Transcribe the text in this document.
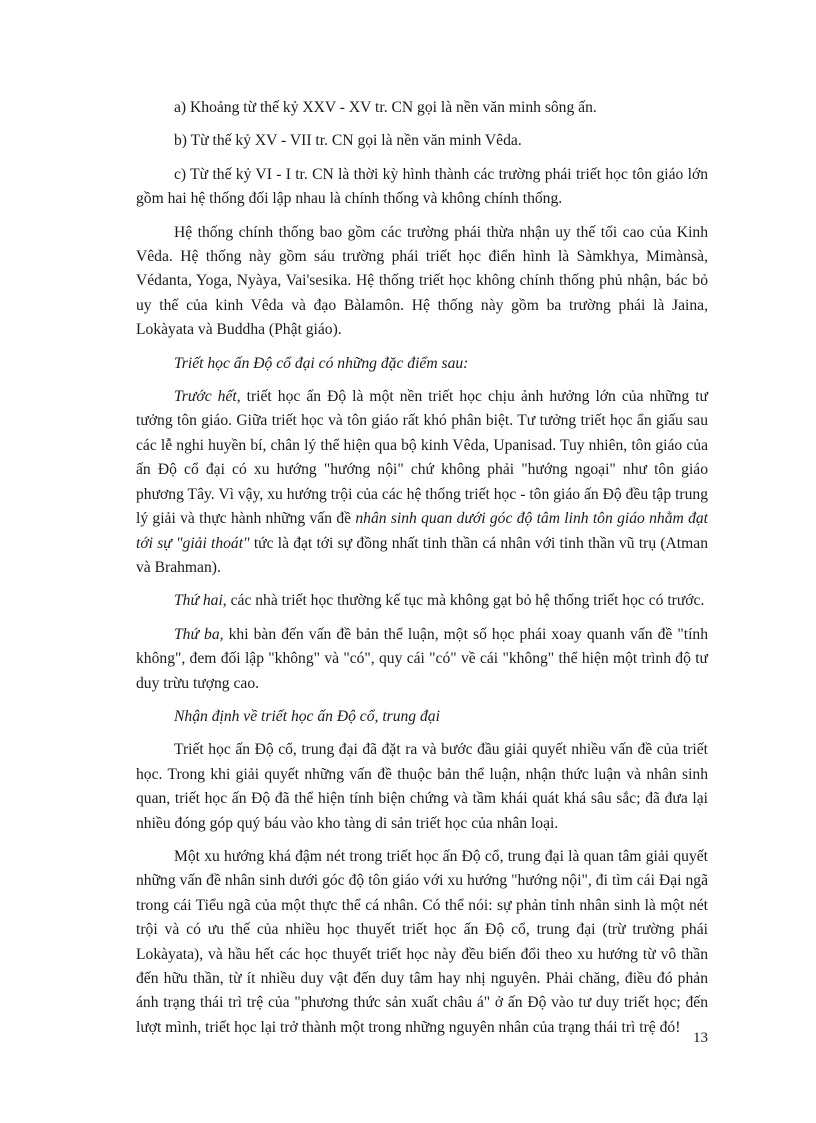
a) Khoảng từ thế kỷ XXV - XV tr. CN gọi là nền văn minh sông ấn.

b) Từ thế kỷ XV - VII tr. CN gọi là nền văn minh Vêda.

c) Từ thế kỷ VI - I tr. CN là thời kỳ hình thành các trường phái triết học tôn giáo lớn gồm hai hệ thống đối lập nhau là chính thống và không chính thống.

Hệ thống chính thống bao gồm các trường phái thừa nhận uy thế tối cao của Kinh Vêda. Hệ thống này gồm sáu trường phái triết học điển hình là Sàmkhya, Mimànsà, Védanta, Yoga, Nyàya, Vai'sesika. Hệ thống triết học không chính thống phủ nhận, bác bỏ uy thế của kinh Vêda và đạo Bàlamôn. Hệ thống này gồm ba trường phái là Jaina, Lokàyata và Buddha (Phật giáo).

Triết học ấn Độ cổ đại có những đặc điểm sau:

Trước hết, triết học ấn Độ là một nền triết học chịu ảnh hưởng lớn của những tư tưởng tôn giáo. Giữa triết học và tôn giáo rất khó phân biệt. Tư tưởng triết học ẩn giấu sau các lễ nghi huyền bí, chân lý thể hiện qua bộ kinh Vêda, Upanisad. Tuy nhiên, tôn giáo của ấn Độ cổ đại có xu hướng "hướng nội" chứ không phải "hướng ngoại" như tôn giáo phương Tây. Vì vậy, xu hướng trội của các hệ thống triết học - tôn giáo ấn Độ đều tập trung lý giải và thực hành những vấn đề nhân sinh quan dưới góc độ tâm linh tôn giáo nhằm đạt tới sự "giải thoát" tức là đạt tới sự đồng nhất tinh thần cá nhân với tinh thần vũ trụ (Atman và Brahman).

Thứ hai, các nhà triết học thường kế tục mà không gạt bỏ hệ thống triết học có trước.

Thứ ba, khi bàn đến vấn đề bản thể luận, một số học phái xoay quanh vấn đề "tính không", đem đối lập "không" và "có", quy cái "có" về cái "không" thể hiện một trình độ tư duy trừu tượng cao.

Nhận định về triết học ấn Độ cổ, trung đại

Triết học ấn Độ cổ, trung đại đã đặt ra và bước đầu giải quyết nhiều vấn đề của triết học. Trong khi giải quyết những vấn đề thuộc bản thể luận, nhận thức luận và nhân sinh quan, triết học ấn Độ đã thể hiện tính biện chứng và tầm khái quát khá sâu sắc; đã đưa lại nhiều đóng góp quý báu vào kho tàng di sản triết học của nhân loại.

Một xu hướng khá đậm nét trong triết học ấn Độ cổ, trung đại là quan tâm giải quyết những vấn đề nhân sinh dưới góc độ tôn giáo với xu hướng "hướng nội", đi tìm cái Đại ngã trong cái Tiểu ngã của một thực thể cá nhân. Có thể nói: sự phản tỉnh nhân sinh là một nét trội và có ưu thế của nhiều học thuyết triết học ấn Độ cổ, trung đại (trừ trường phái Lokàyata), và hầu hết các học thuyết triết học này đều biến đổi theo xu hướng từ vô thần đến hữu thần, từ ít nhiều duy vật đến duy tâm hay nhị nguyên. Phải chăng, điều đó phản ánh trạng thái trì trệ của "phương thức sản xuất châu á" ở ấn Độ vào tư duy triết học; đến lượt mình, triết học lại trở thành một trong những nguyên nhân của trạng thái trì trệ đó!

13
